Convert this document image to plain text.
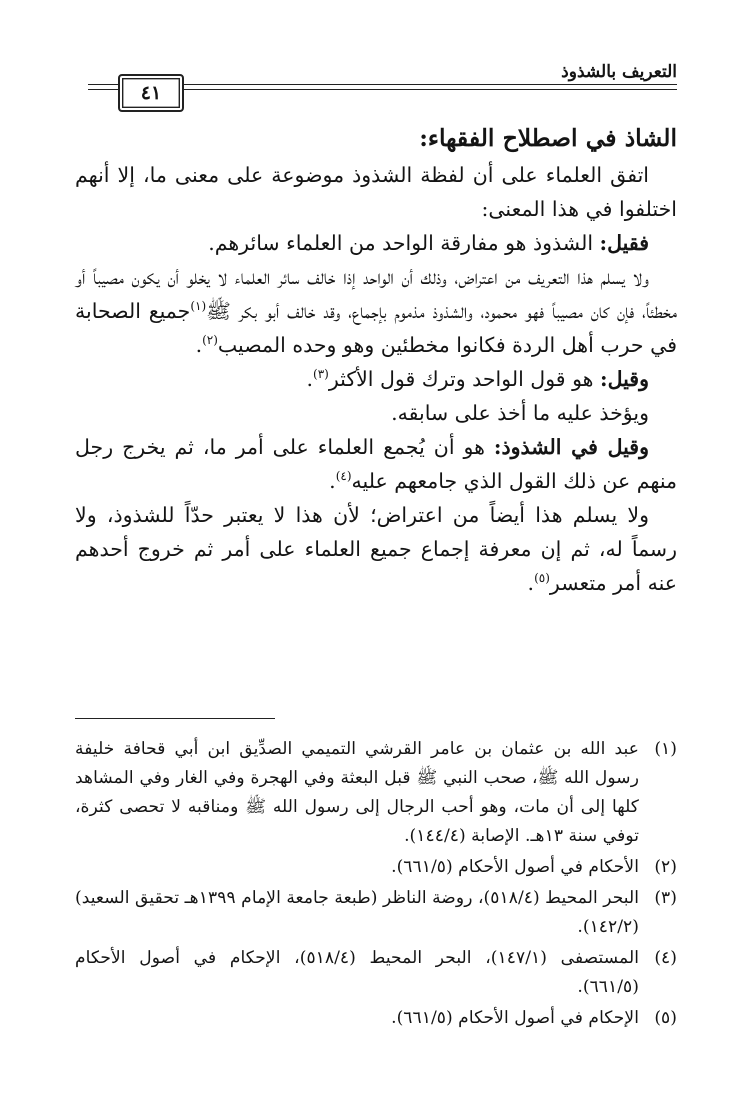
التعريف بالشذوذ
٤١

الشاذ في اصطلاح الفقهاء:

اتفق العلماء على أن لفظة الشذوذ موضوعة على معنى ما، إلا أنهم اختلفوا في هذا المعنى:

فقيل: الشذوذ هو مفارقة الواحد من العلماء سائرهم.

ولا يسلم هذا التعريف من اعتراض، وذلك أن الواحد إذا خالف سائر العلماء لا يخلو أن يكون مصيباً أو مخطئاً، فإن كان مصيباً فهو محمود، والشذوذ مذموم بإجماع، وقد خالف أبو بكر ﷺ$^{(١)}$جميع الصحابة في حرب أهل الردة فكانوا مخطئين وهو وحده المصيب$^{(٢)}$.

وقيل: هو قول الواحد وترك قول الأكثر$^{(٣)}$.

ويؤخذ عليه ما أخذ على سابقه.

وقيل في الشذوذ: هو أن يُجمع العلماء على أمر ما، ثم يخرج رجل منهم عن ذلك القول الذي جامعهم عليه$^{(٤)}$.

ولا يسلم هذا أيضاً من اعتراض؛ لأن هذا لا يعتبر حدّاً للشذوذ، ولا رسماً له، ثم إن معرفة إجماع جميع العلماء على أمر ثم خروج أحدهم عنه أمر متعسر$^{(٥)}$.

(١)
عبد الله بن عثمان بن عامر القرشي التميمي الصدِّيق ابن أبي قحافة خليفة رسول الله ﷺ، صحب النبي ﷺ قبل البعثة وفي الهجرة وفي الغار وفي المشاهد كلها إلى أن مات، وهو أحب الرجال إلى رسول الله ﷺ ومناقبه لا تحصى كثرة، توفي سنة ١٣هـ. الإصابة (١٤٤/٤).
(٢)
الأحكام في أصول الأحكام (٦٦١/٥).
(٣)
البحر المحيط (٥١٨/٤)، روضة الناظر (طبعة جامعة الإمام ١٣٩٩هـ تحقيق السعيد) (١٤٢/٢).
(٤)
المستصفى (١٤٧/١)، البحر المحيط (٥١٨/٤)، الإحكام في أصول الأحكام (٦٦١/٥).
(٥)
الإحكام في أصول الأحكام (٦٦١/٥).
